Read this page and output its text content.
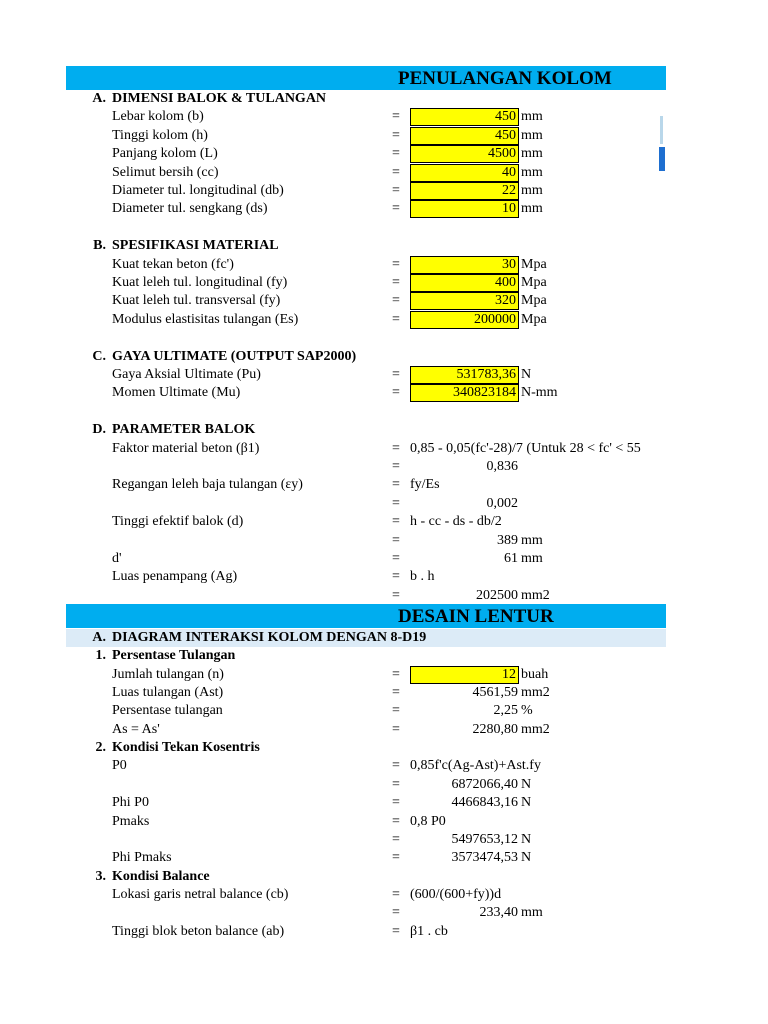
PENULANGAN KOLOM
DESAIN LENTUR
A. DIMENSI BALOK & TULANGAN
Lebar kolom (b)	=	450 mm
Tinggi kolom (h)	=	450 mm
Panjang kolom (L)	=	4500 mm
Selimut bersih (cc)	=	40 mm
Diameter tul. longitudinal (db)	=	22 mm
Diameter tul. sengkang (ds)	=	10 mm
B. SPESIFIKASI MATERIAL
Kuat tekan beton (fc')	=	30 Mpa
Kuat leleh tul. longitudinal (fy)	=	400 Mpa
Kuat leleh tul. transversal (fy)	=	320 Mpa
Modulus elastisitas tulangan (Es)	=	200000 Mpa
C. GAYA ULTIMATE (OUTPUT SAP2000)
Gaya Aksial Ultimate (Pu)	=	531783,36 N
Momen Ultimate (Mu)	=	340823184 N-mm
D. PARAMETER BALOK
Faktor material beton (β1)	= 0,85 - 0,05(fc'-28)/7 (Untuk 28 < fc' < 55
=	0,836
Regangan leleh baja tulangan (εy)	= fy/Es
=	0,002
Tinggi efektif balok (d)	= h - cc - ds - db/2
=	389 mm
d'	=	61 mm
Luas penampang (Ag)	= b . h
=	202500 mm2
A. DIAGRAM INTERAKSI KOLOM DENGAN 8-D19
1. Persentase Tulangan
Jumlah tulangan (n)	=	12 buah
Luas tulangan (Ast)	=	4561,59 mm2
Persentase tulangan	=	2,25 %
As = As'	=	2280,80 mm2
2. Kondisi Tekan Kosentris
P0	= 0,85f'c(Ag-Ast)+Ast.fy
=	6872066,40 N
Phi P0	=	4466843,16 N
Pmaks	= 0,8 P0
=	5497653,12 N
Phi Pmaks	=	3573474,53 N
3. Kondisi Balance
Lokasi garis netral balance (cb)	= (600/(600+fy))d
=	233,40 mm
Tinggi blok beton balance (ab)	= β1 . cb
